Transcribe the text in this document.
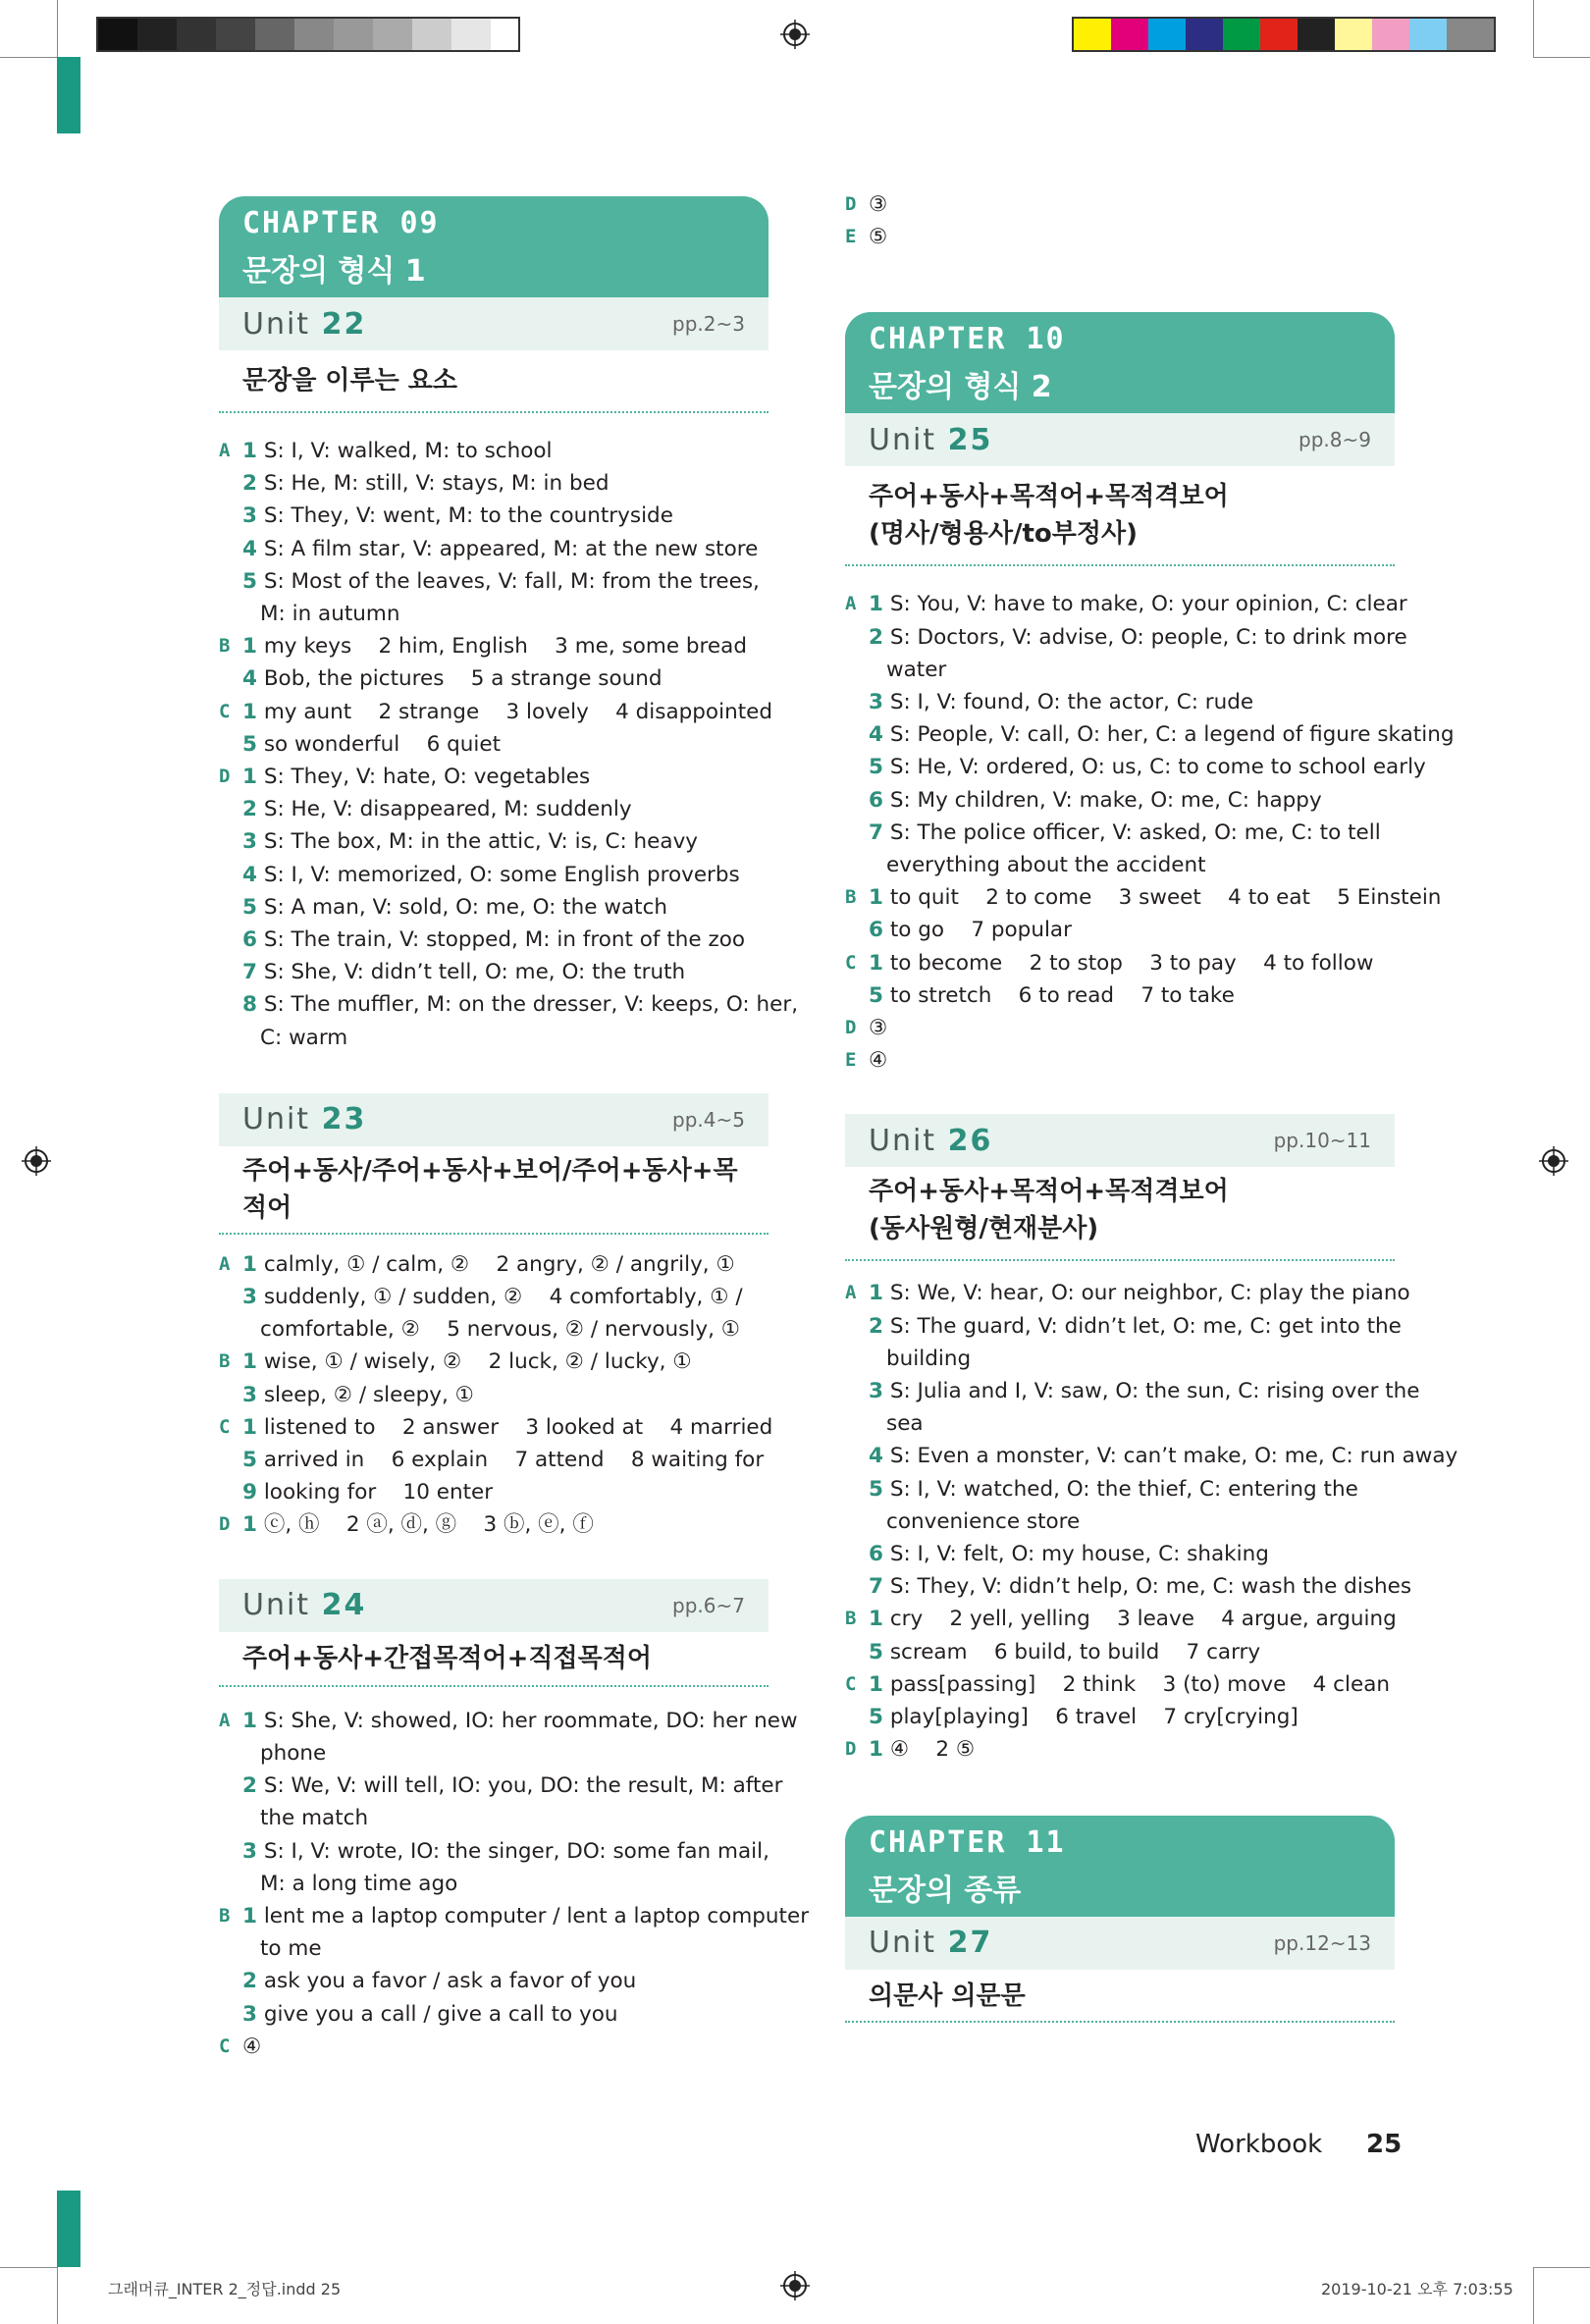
CHAPTER 09
문장의 형식 1
Unit 22	pp.2~3
문장을 이루는 요소
A 1 S: I, V: walked, M: to school
2 S: He, M: still, V: stays, M: in bed
3 S: They, V: went, M: to the countryside
4 S: A film star, V: appeared, M: at the new store
5 S: Most of the leaves, V: fall, M: from the trees,
M: in autumn
B 1 my keys    2 him, English    3 me, some bread
4 Bob, the pictures    5 a strange sound
C 1 my aunt    2 strange    3 lovely    4 disappointed
5 so wonderful    6 quiet
D 1 S: They, V: hate, O: vegetables
2 S: He, V: disappeared, M: suddenly
3 S: The box, M: in the attic, V: is, C: heavy
4 S: I, V: memorized, O: some English proverbs
5 S: A man, V: sold, O: me, O: the watch
6 S: The train, V: stopped, M: in front of the zoo
7 S: She, V: didn’t tell, O: me, O: the truth
8 S: The muffler, M: on the dresser, V: keeps, O: her,
C: warm
Unit 23	pp.4~5
주어+동사/주어+동사+보어/주어+동사+목적어
A 1 calmly, ① / calm, ②    2 angry, ② / angrily, ①
3 suddenly, ① / sudden, ②    4 comfortably, ① /
comfortable, ②    5 nervous, ② / nervously, ①
B 1 wise, ① / wisely, ②    2 luck, ② / lucky, ①
3 sleep, ② / sleepy, ①
C 1 listened to    2 answer    3 looked at    4 married
5 arrived in    6 explain    7 attend    8 waiting for
9 looking for    10 enter
D 1 ⓒ, ⓗ    2 ⓐ, ⓓ, ⓖ    3 ⓑ, ⓔ, ⓕ
Unit 24	pp.6~7
주어+동사+간접목적어+직접목적어
A 1 S: She, V: showed, IO: her roommate, DO: her new
phone
2 S: We, V: will tell, IO: you, DO: the result, M: after
the match
3 S: I, V: wrote, IO: the singer, DO: some fan mail,
M: a long time ago
B 1 lent me a laptop computer / lent a laptop computer
to me
2 ask you a favor / ask a favor of you
3 give you a call / give a call to you
C ④
D ③
E ⑤
CHAPTER 10
문장의 형식 2
Unit 25	pp.8~9
주어+동사+목적어+목적격보어
(명사/형용사/to부정사)
A 1 S: You, V: have to make, O: your opinion, C: clear
2 S: Doctors, V: advise, O: people, C: to drink more
water
3 S: I, V: found, O: the actor, C: rude
4 S: People, V: call, O: her, C: a legend of figure skating
5 S: He, V: ordered, O: us, C: to come to school early
6 S: My children, V: make, O: me, C: happy
7 S: The police officer, V: asked, O: me, C: to tell
everything about the accident
B 1 to quit    2 to come    3 sweet    4 to eat    5 Einstein
6 to go    7 popular
C 1 to become    2 to stop    3 to pay    4 to follow
5 to stretch    6 to read    7 to take
D ③
E ④
Unit 26	pp.10~11
주어+동사+목적어+목적격보어
(동사원형/현재분사)
A 1 S: We, V: hear, O: our neighbor, C: play the piano
2 S: The guard, V: didn’t let, O: me, C: get into the
building
3 S: Julia and I, V: saw, O: the sun, C: rising over the
sea
4 S: Even a monster, V: can’t make, O: me, C: run away
5 S: I, V: watched, O: the thief, C: entering the
convenience store
6 S: I, V: felt, O: my house, C: shaking
7 S: They, V: didn’t help, O: me, C: wash the dishes
B 1 cry    2 yell, yelling    3 leave    4 argue, arguing
5 scream    6 build, to build    7 carry
C 1 pass[passing]    2 think    3 (to) move    4 clean
5 play[playing]    6 travel    7 cry[crying]
D 1 ④    2 ⑤
CHAPTER 11
문장의 종류
Unit 27	pp.12~13
의문사 의문문
Workbook 25
그래머큐_INTER 2_정답.indd 25	2019-10-21 오후 7:03:55
